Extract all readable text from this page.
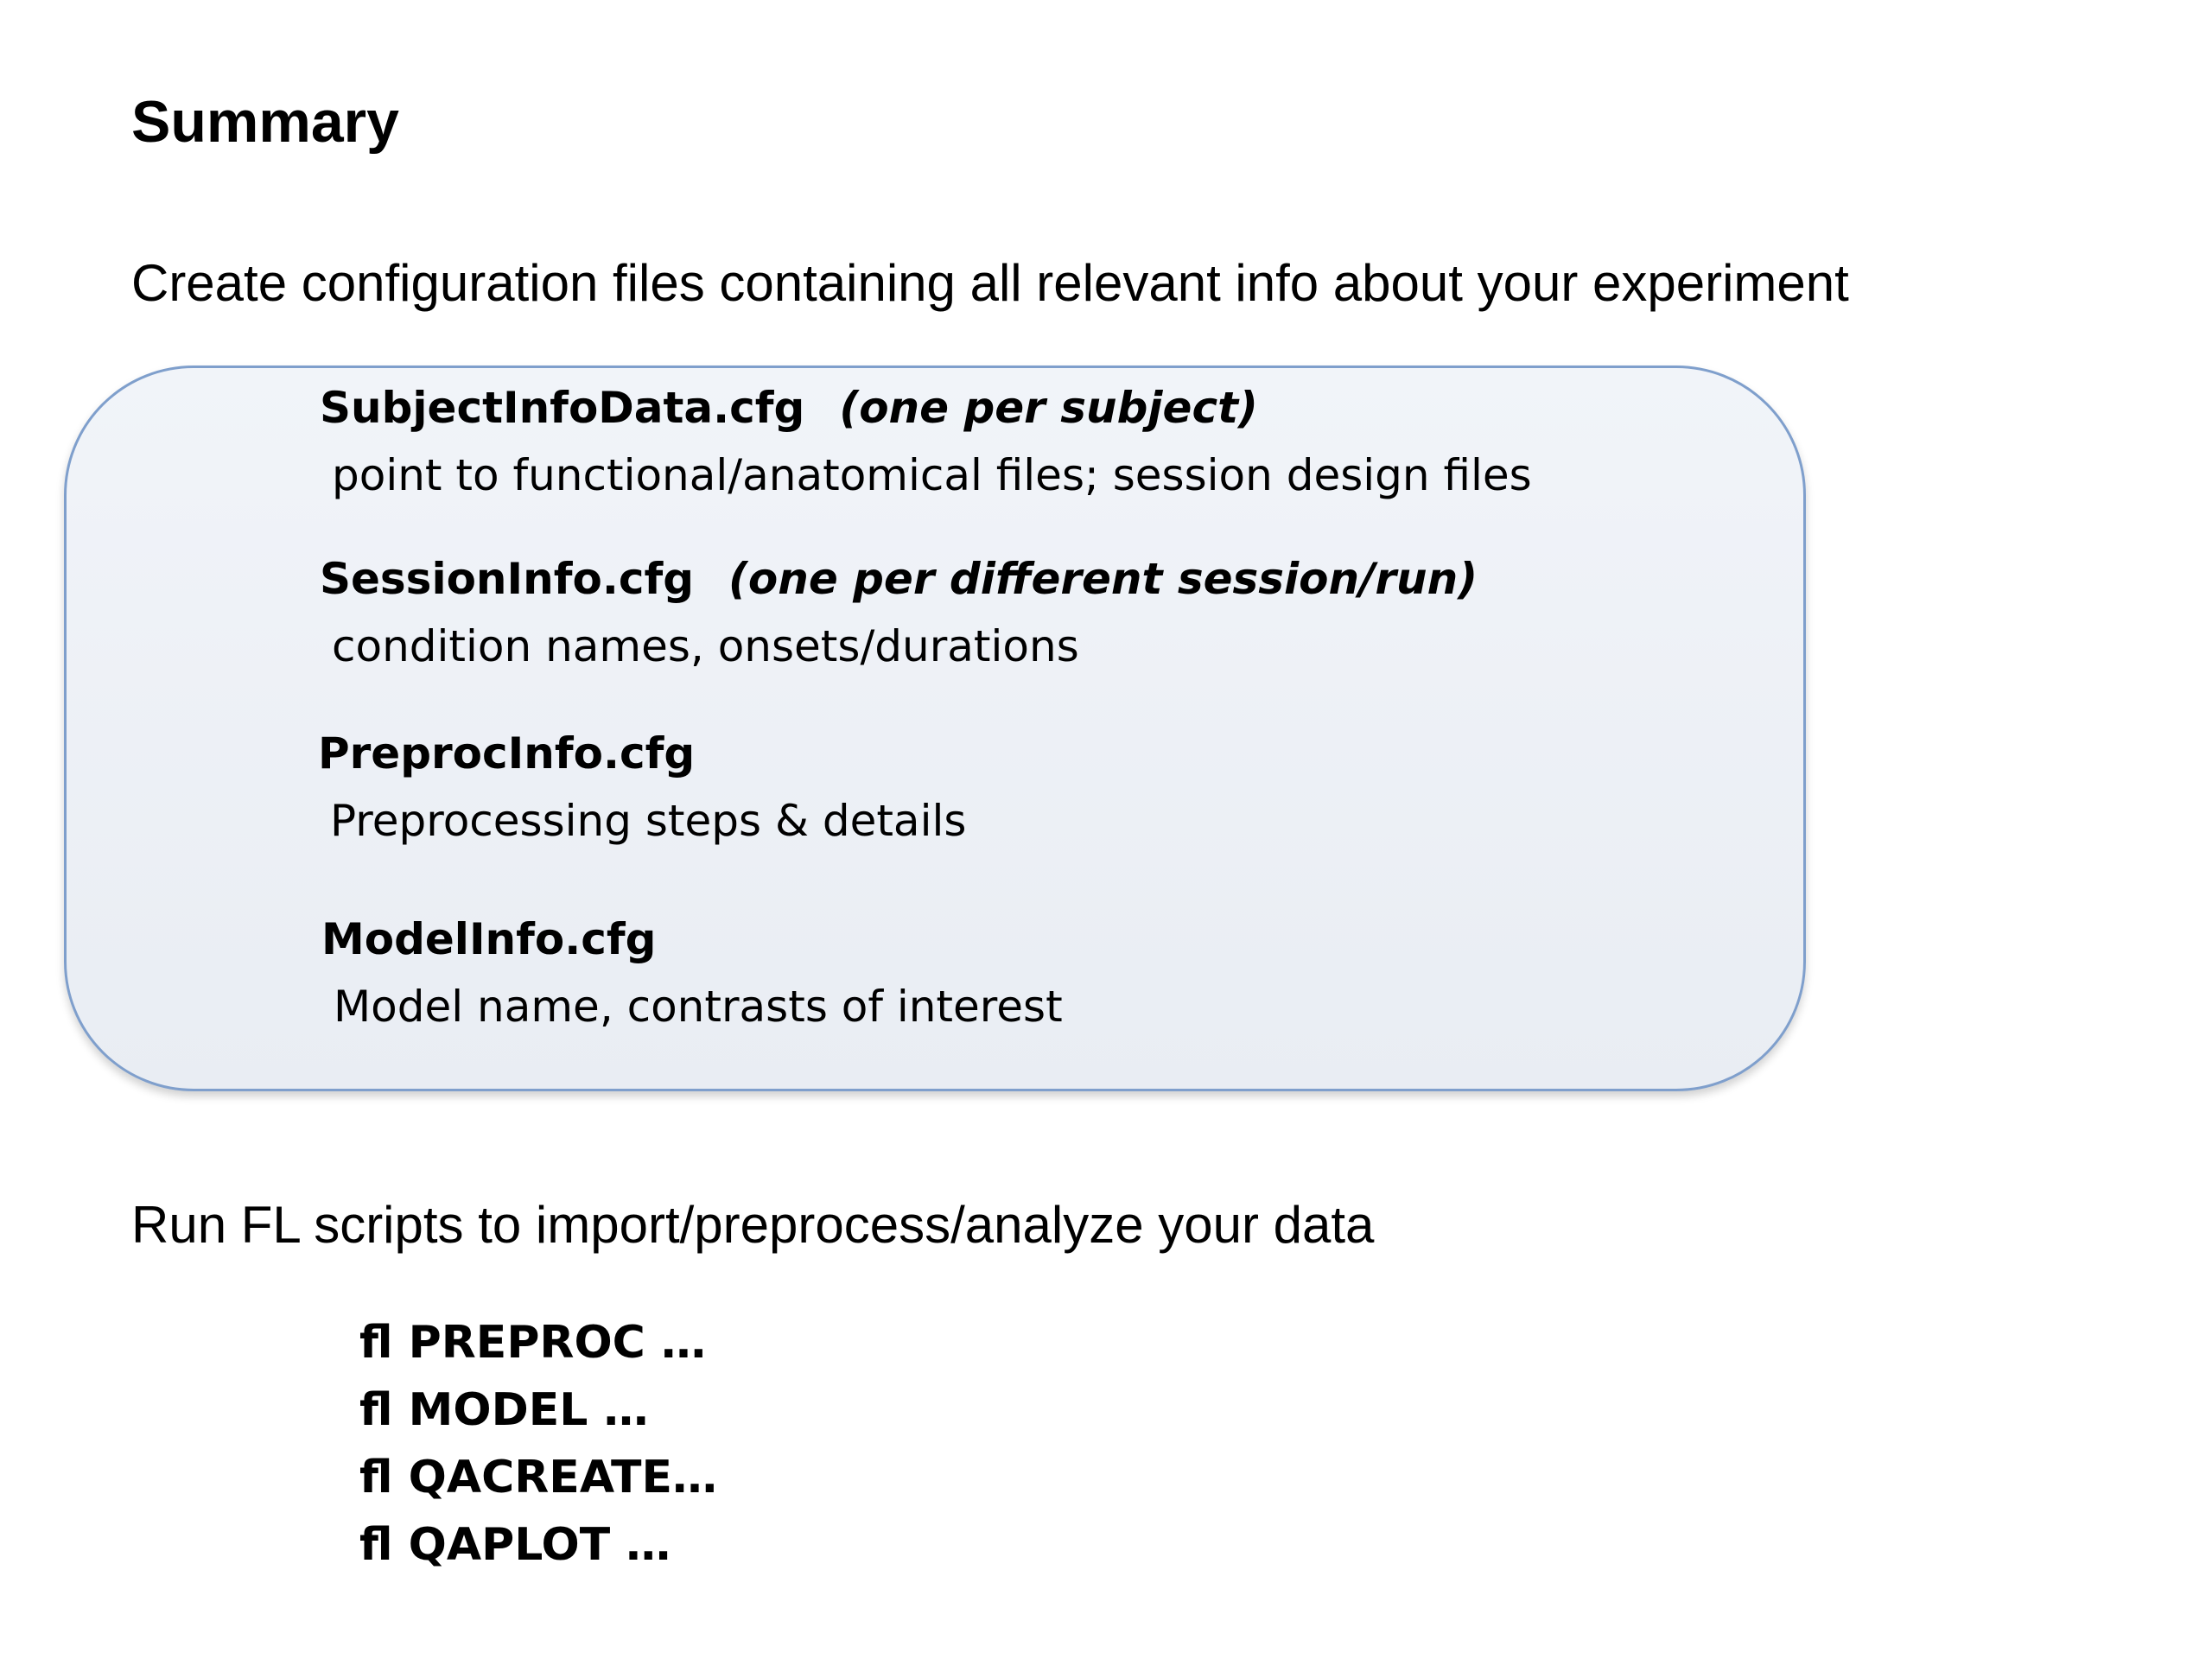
Summary

Create configuration files containing all relevant info about your experiment

SubjectInfoData.cfg (one per subject)
point to functional/anatomical files; session design files
SessionInfo.cfg (one per different session/run)
condition names, onsets/durations
PreprocInfo.cfg
Preprocessing steps & details
ModelInfo.cfg
Model name, contrasts of interest

Run FL scripts to import/preprocess/analyze your data

fl PREPROC …
fl MODEL …
fl QACREATE…
fl QAPLOT …
